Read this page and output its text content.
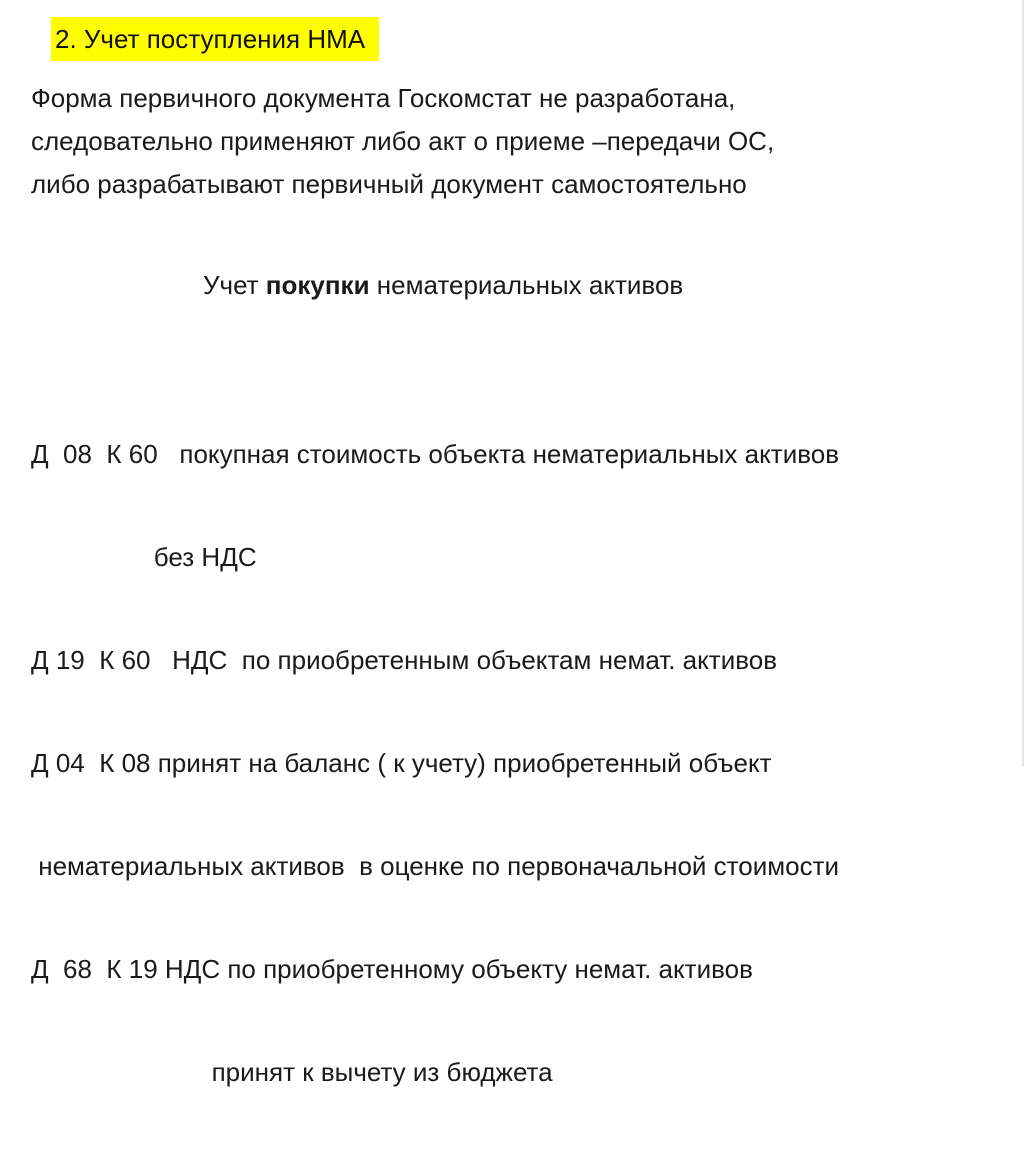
2. Учет поступления НМА
Форма первичного документа Госкомстат не разработана,
следовательно применяют либо акт о приеме –передачи ОС,
либо разрабатывают первичный документ самостоятельно
Учет покупки нематериальных активов

Д  08  К 60   покупная стоимость объекта нематериальных активов

без НДС

Д 19  К 60   НДС  по приобретенным объектам немат. активов

Д 04  К 08 принят на баланс ( к учету) приобретенный объект

нематериальных активов  в оценке по первоначальной стоимости

Д  68  К 19 НДС по приобретенному объекту немат. активов

принят к вычету из бюджета
